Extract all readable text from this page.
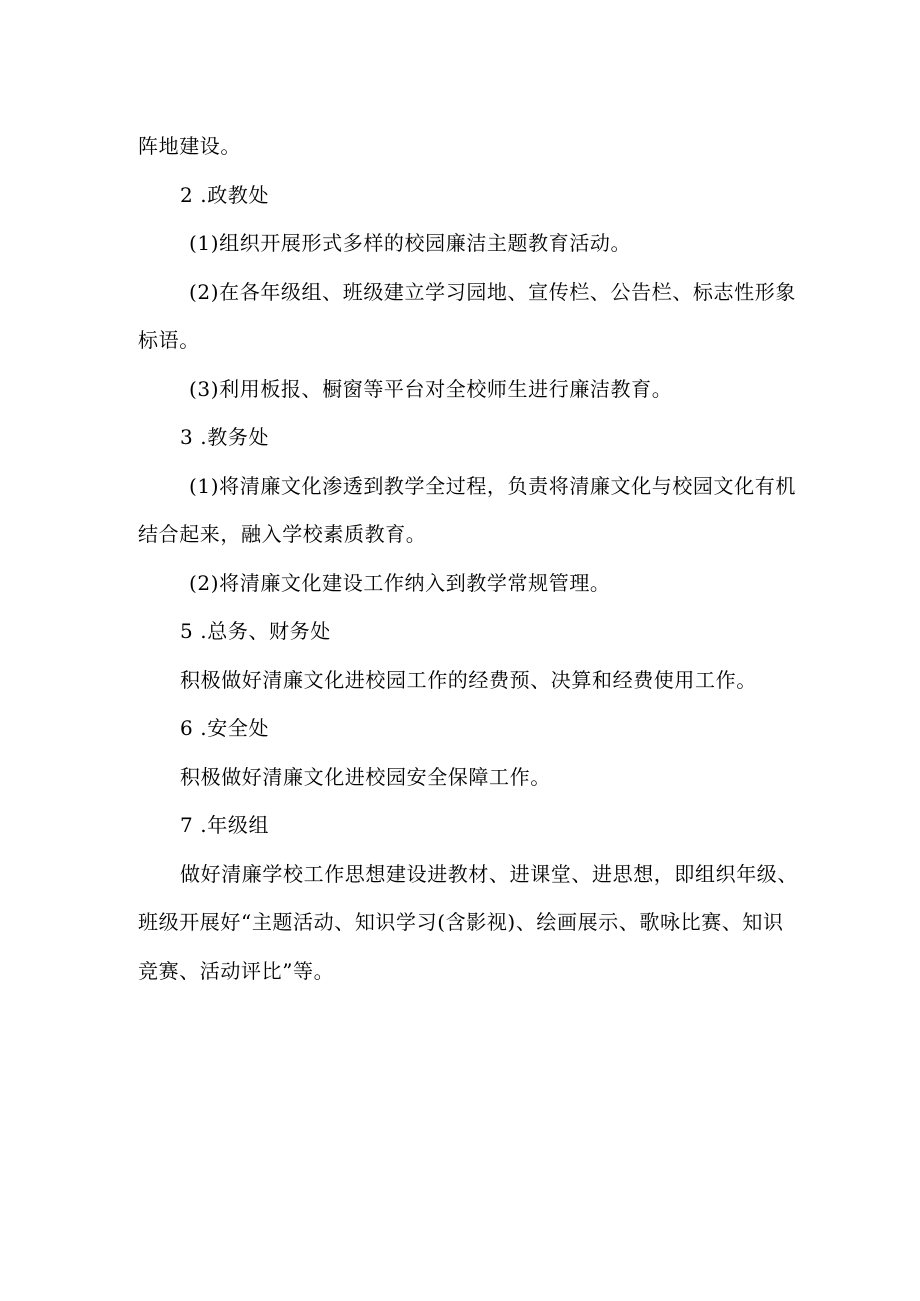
阵地建设。

2 .政教处

(1)组织开展形式多样的校园廉洁主题教育活动。

(2)在各年级组、班级建立学习园地、宣传栏、公告栏、标志性形象

标语。

(3)利用板报、橱窗等平台对全校师生进行廉洁教育。

3 .教务处

(1)将清廉文化渗透到教学全过程，负责将清廉文化与校园文化有机

结合起来，融入学校素质教育。

(2)将清廉文化建设工作纳入到教学常规管理。

5 .总务、财务处

积极做好清廉文化进校园工作的经费预、决算和经费使用工作。

6 .安全处

积极做好清廉文化进校园安全保障工作。

7 .年级组

做好清廉学校工作思想建设进教材、进课堂、进思想，即组织年级、

班级开展好“主题活动、知识学习(含影视)、绘画展示、歌咏比赛、知识

竞赛、活动评比”等。
